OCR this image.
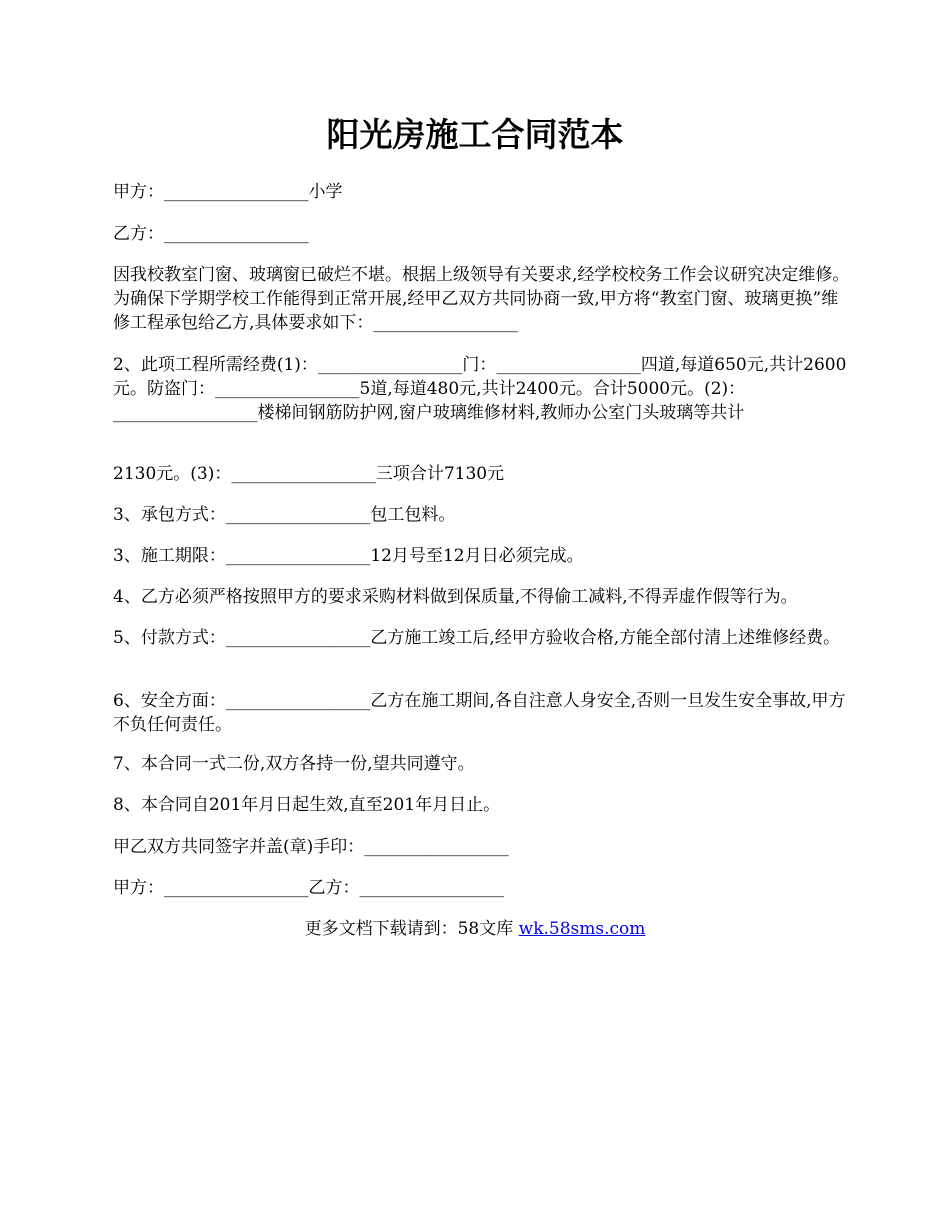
阳光房施工合同范本

甲方：_________________小学

乙方：_________________

因我校教室门窗、玻璃窗已破烂不堪。根据上级领导有关要求,经学校校务工作会议研究决定维修。为确保下学期学校工作能得到正常开展,经甲乙双方共同协商一致,甲方将“教室门窗、玻璃更换”维修工程承包给乙方,具体要求如下：_________________

2、此项工程所需经费(1)：_________________门：_________________四道,每道650元,共计2600元。防盗门：_________________5道,每道480元,共计2400元。合计5000元。(2)：_________________楼梯间钢筋防护网,窗户玻璃维修材料,教师办公室门头玻璃等共计

2130元。(3)：_________________三项合计7130元

3、承包方式：_________________包工包料。

3、施工期限：_________________12月号至12月日必须完成。

4、乙方必须严格按照甲方的要求采购材料做到保质量,不得偷工减料,不得弄虚作假等行为。

5、付款方式：_________________乙方施工竣工后,经甲方验收合格,方能全部付清上述维修经费。

6、安全方面：_________________乙方在施工期间,各自注意人身安全,否则一旦发生安全事故,甲方不负任何责任。

7、本合同一式二份,双方各持一份,望共同遵守。

8、本合同自201年月日起生效,直至201年月日止。

甲乙双方共同签字并盖(章)手印：_________________

甲方：_________________乙方：_________________

更多文档下载请到：58文库 wk.58sms.com
